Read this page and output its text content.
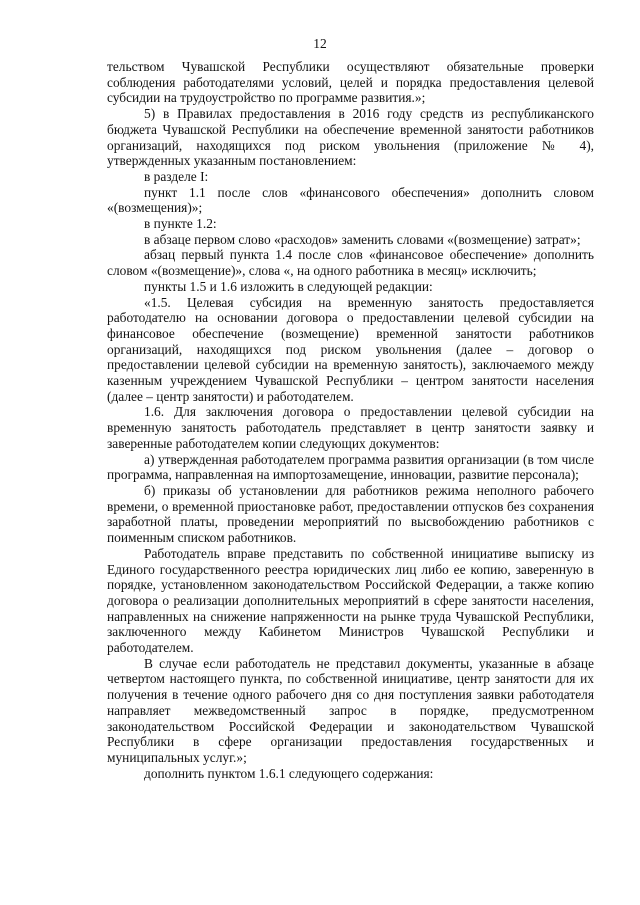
12

тельством Чувашской Республики осуществляют обязательные проверки соблюдения работодателями условий, целей и порядка предоставления целевой субсидии на трудоустройство по программе развития.»;

5) в Правилах предоставления в 2016 году средств из республиканского бюджета Чувашской Республики на обеспечение временной занятости работников организаций, находящихся под риском увольнения (приложение № 4), утвержденных указанным постановлением:

в разделе I:

пункт 1.1 после слов «финансового обеспечения» дополнить словом «(возмещения)»;

в пункте 1.2:

в абзаце первом слово «расходов» заменить словами «(возмещение) затрат»;

абзац первый пункта 1.4 после слов «финансовое обеспечение» дополнить словом «(возмещение)», слова «, на одного работника в месяц» исключить;

пункты 1.5 и 1.6 изложить в следующей редакции:

«1.5. Целевая субсидия на временную занятость предоставляется работодателю на основании договора о предоставлении целевой субсидии на финансовое обеспечение (возмещение) временной занятости работников организаций, находящихся под риском увольнения (далее – договор о предоставлении целевой субсидии на временную занятость), заключаемого между казенным учреждением Чувашской Республики – центром занятости населения (далее – центр занятости) и работодателем.

1.6. Для заключения договора о предоставлении целевой субсидии на временную занятость работодатель представляет в центр занятости заявку и заверенные работодателем копии следующих документов:

а) утвержденная работодателем программа развития организации (в том числе программа, направленная на импортозамещение, инновации, развитие персонала);

б) приказы об установлении для работников режима неполного рабочего времени, о временной приостановке работ, предоставлении отпусков без сохранения заработной платы, проведении мероприятий по высвобождению работников с поименным списком работников.

Работодатель вправе представить по собственной инициативе выписку из Единого государственного реестра юридических лиц либо ее копию, заверенную в порядке, установленном законодательством Российской Федерации, а также копию договора о реализации дополнительных мероприятий в сфере занятости населения, направленных на снижение напряженности на рынке труда Чувашской Республики, заключенного между Кабинетом Министров Чувашской Республики и работодателем.

В случае если работодатель не представил документы, указанные в абзаце четвертом настоящего пункта, по собственной инициативе, центр занятости для их получения в течение одного рабочего дня со дня поступления заявки работодателя направляет межведомственный запрос в порядке, предусмотренном законодательством Российской Федерации и законодательством Чувашской Республики в сфере организации предоставления государственных и муниципальных услуг.»;

дополнить пунктом 1.6.1 следующего содержания:
